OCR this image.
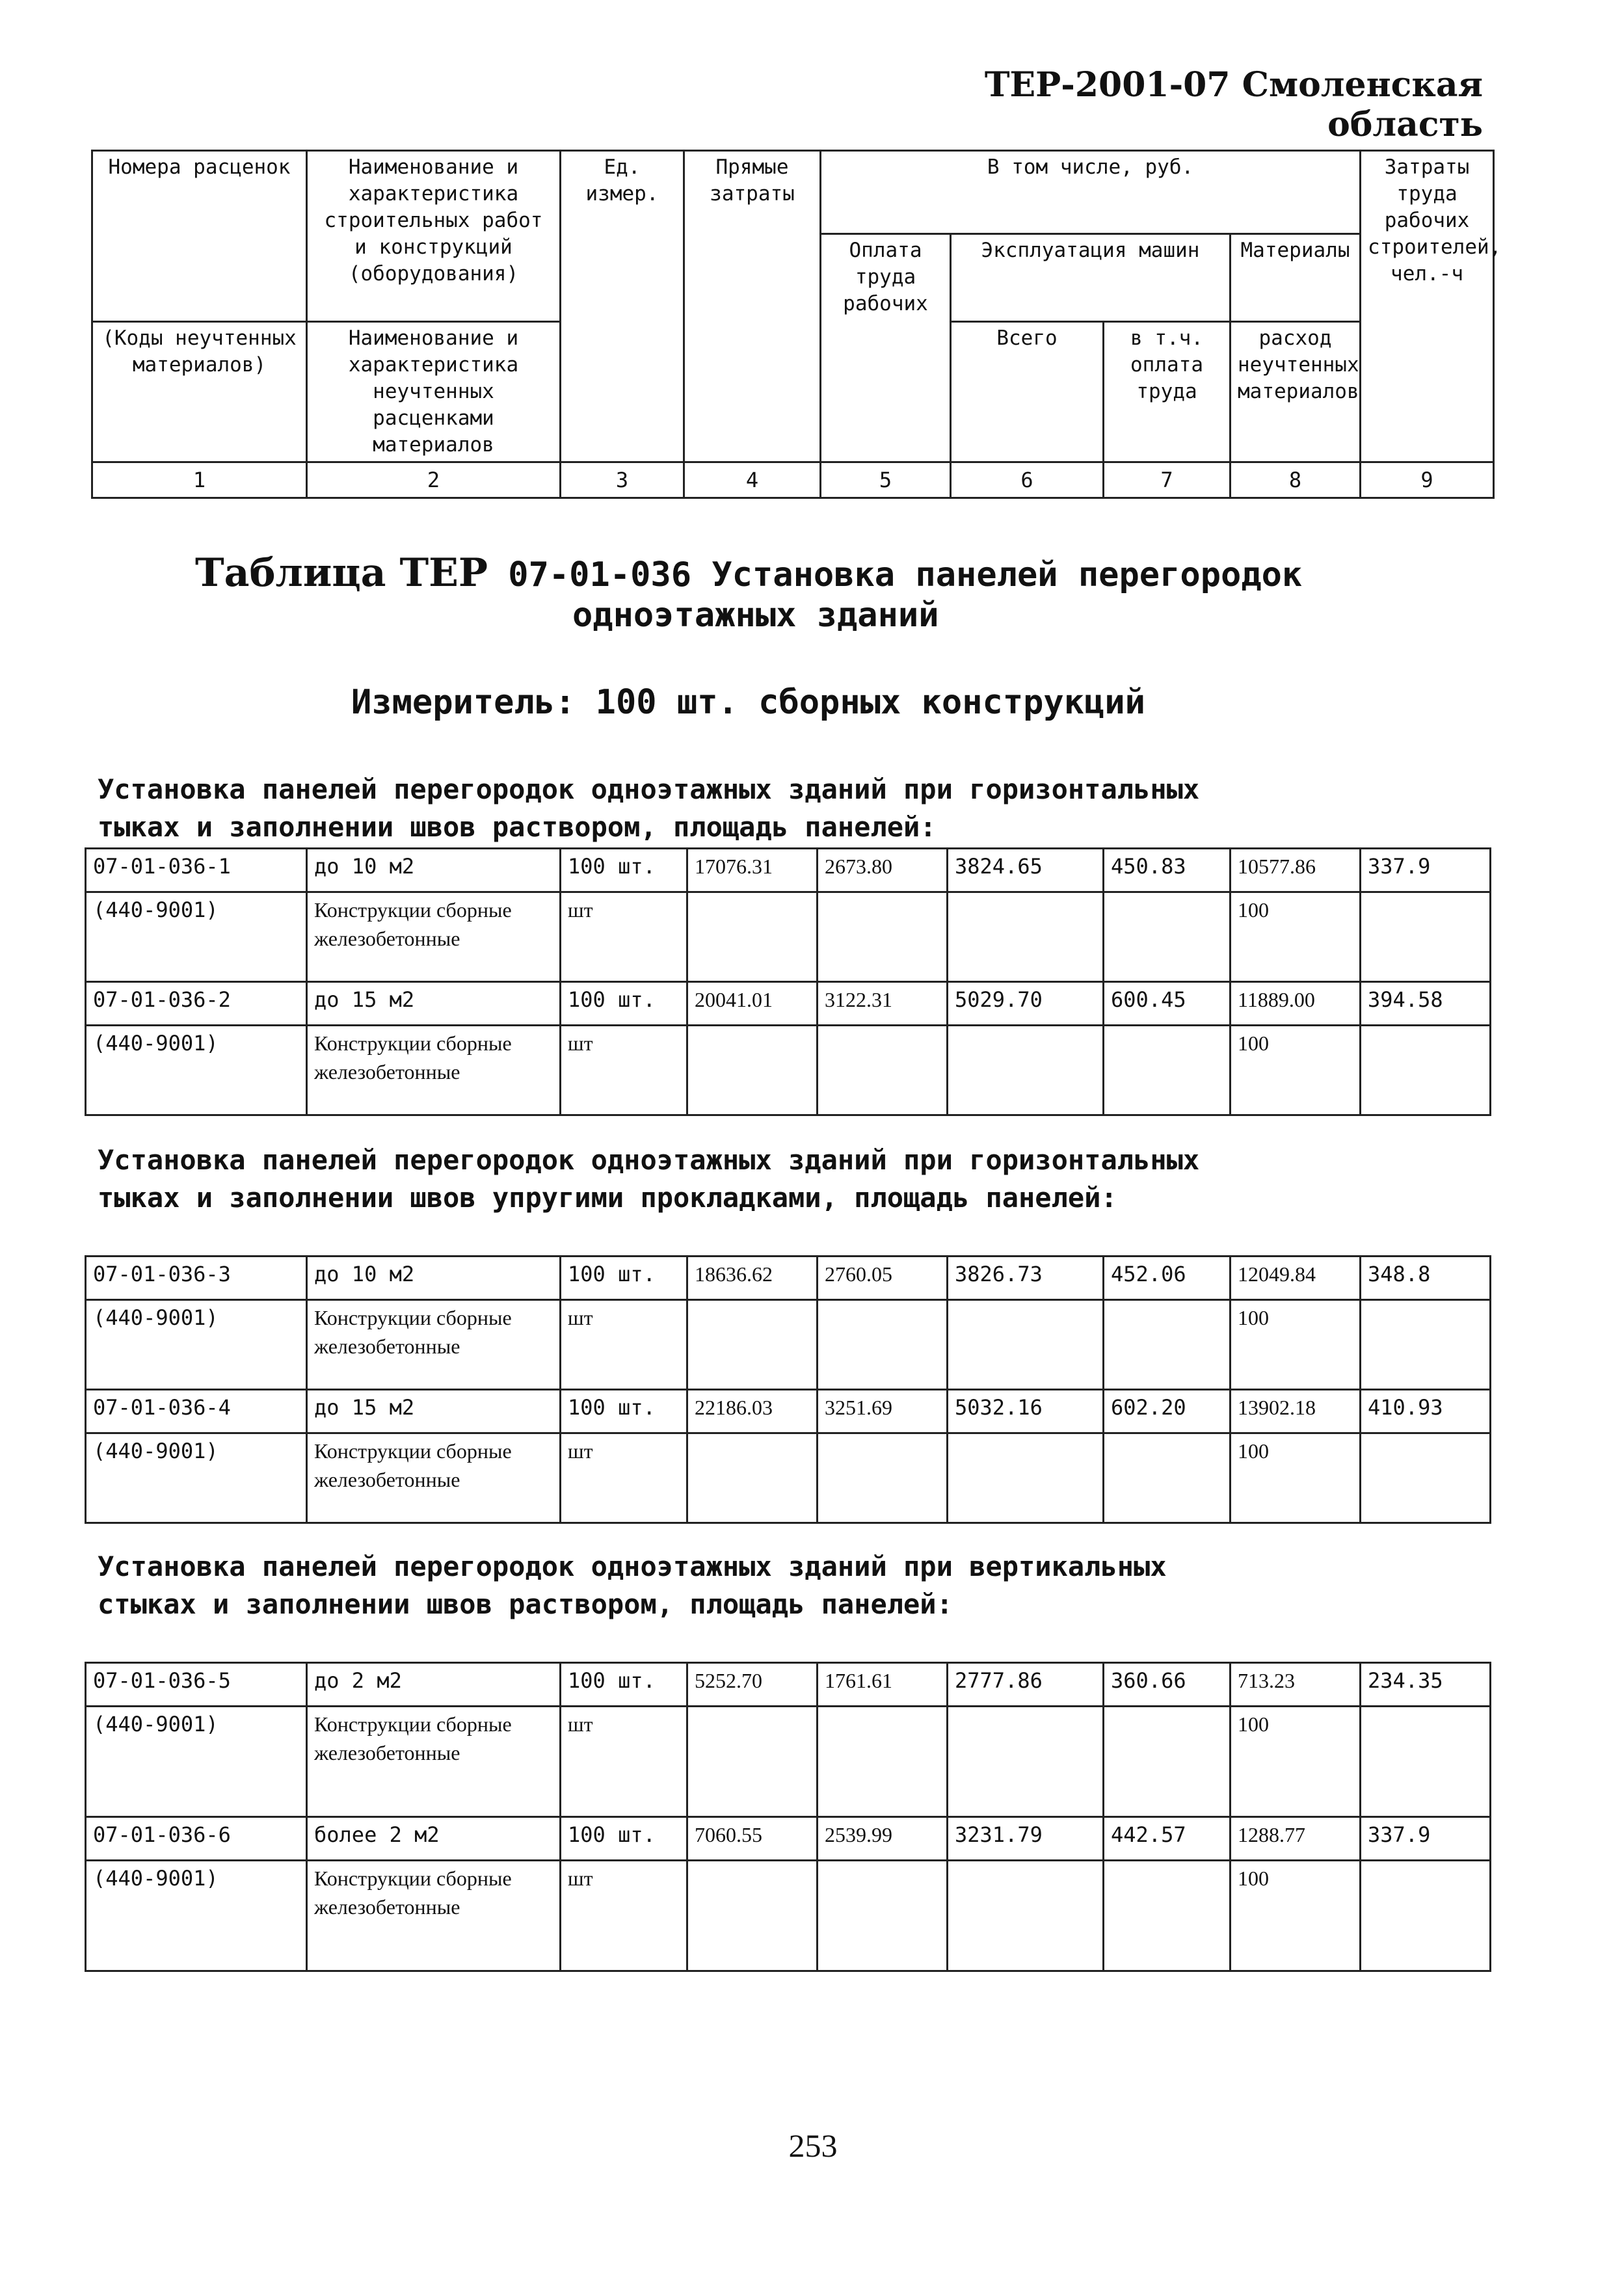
ТЕР-2001-07 Смоленская область
Номера расценок	Наименование и характеристика строительных работ и конструкций (оборудования)	Ед. измер.	Прямые затраты	В том числе, руб.				Затраты труда рабочих строителей, чел.-ч
				Оплата труда рабочих	Эксплуатация машин		Материалы	
(Коды неучтенных материалов)	Наименование и характеристика неучтенных расценками материалов				Всего	в т.ч. оплата труда	расход неучтенных материалов	
1	2	3	4	5	6	7	8	9
Таблица ТЕР 07-01-036 Установка панелей перегородок
одноэтажных зданий
Измеритель: 100 шт. сборных конструкций
Установка панелей перегородок одноэтажных зданий при горизонтальных
тыках и заполнении швов раствором, площадь панелей:
07-01-036-1	до 10 м2	100 шт.	17076.31	2673.80	3824.65	450.83	10577.86	337.9
(440-9001)	Конструкции сборные железобетонные	шт					100	
07-01-036-2	до 15 м2	100 шт.	20041.01	3122.31	5029.70	600.45	11889.00	394.58
(440-9001)	Конструкции сборные железобетонные	шт					100	
Установка панелей перегородок одноэтажных зданий при горизонтальных
тыках и заполнении швов упругими прокладками, площадь панелей:
07-01-036-3	до 10 м2	100 шт.	18636.62	2760.05	3826.73	452.06	12049.84	348.8
(440-9001)	Конструкции сборные железобетонные	шт					100	
07-01-036-4	до 15 м2	100 шт.	22186.03	3251.69	5032.16	602.20	13902.18	410.93
(440-9001)	Конструкции сборные железобетонные	шт					100	
Установка панелей перегородок одноэтажных зданий при вертикальных
стыках и заполнении швов раствором, площадь панелей:
07-01-036-5	до 2 м2	100 шт.	5252.70	1761.61	2777.86	360.66	713.23	234.35
(440-9001)	Конструкции сборные железобетонные	шт					100	
07-01-036-6	более 2 м2	100 шт.	7060.55	2539.99	3231.79	442.57	1288.77	337.9
(440-9001)	Конструкции сборные железобетонные	шт					100	
253
